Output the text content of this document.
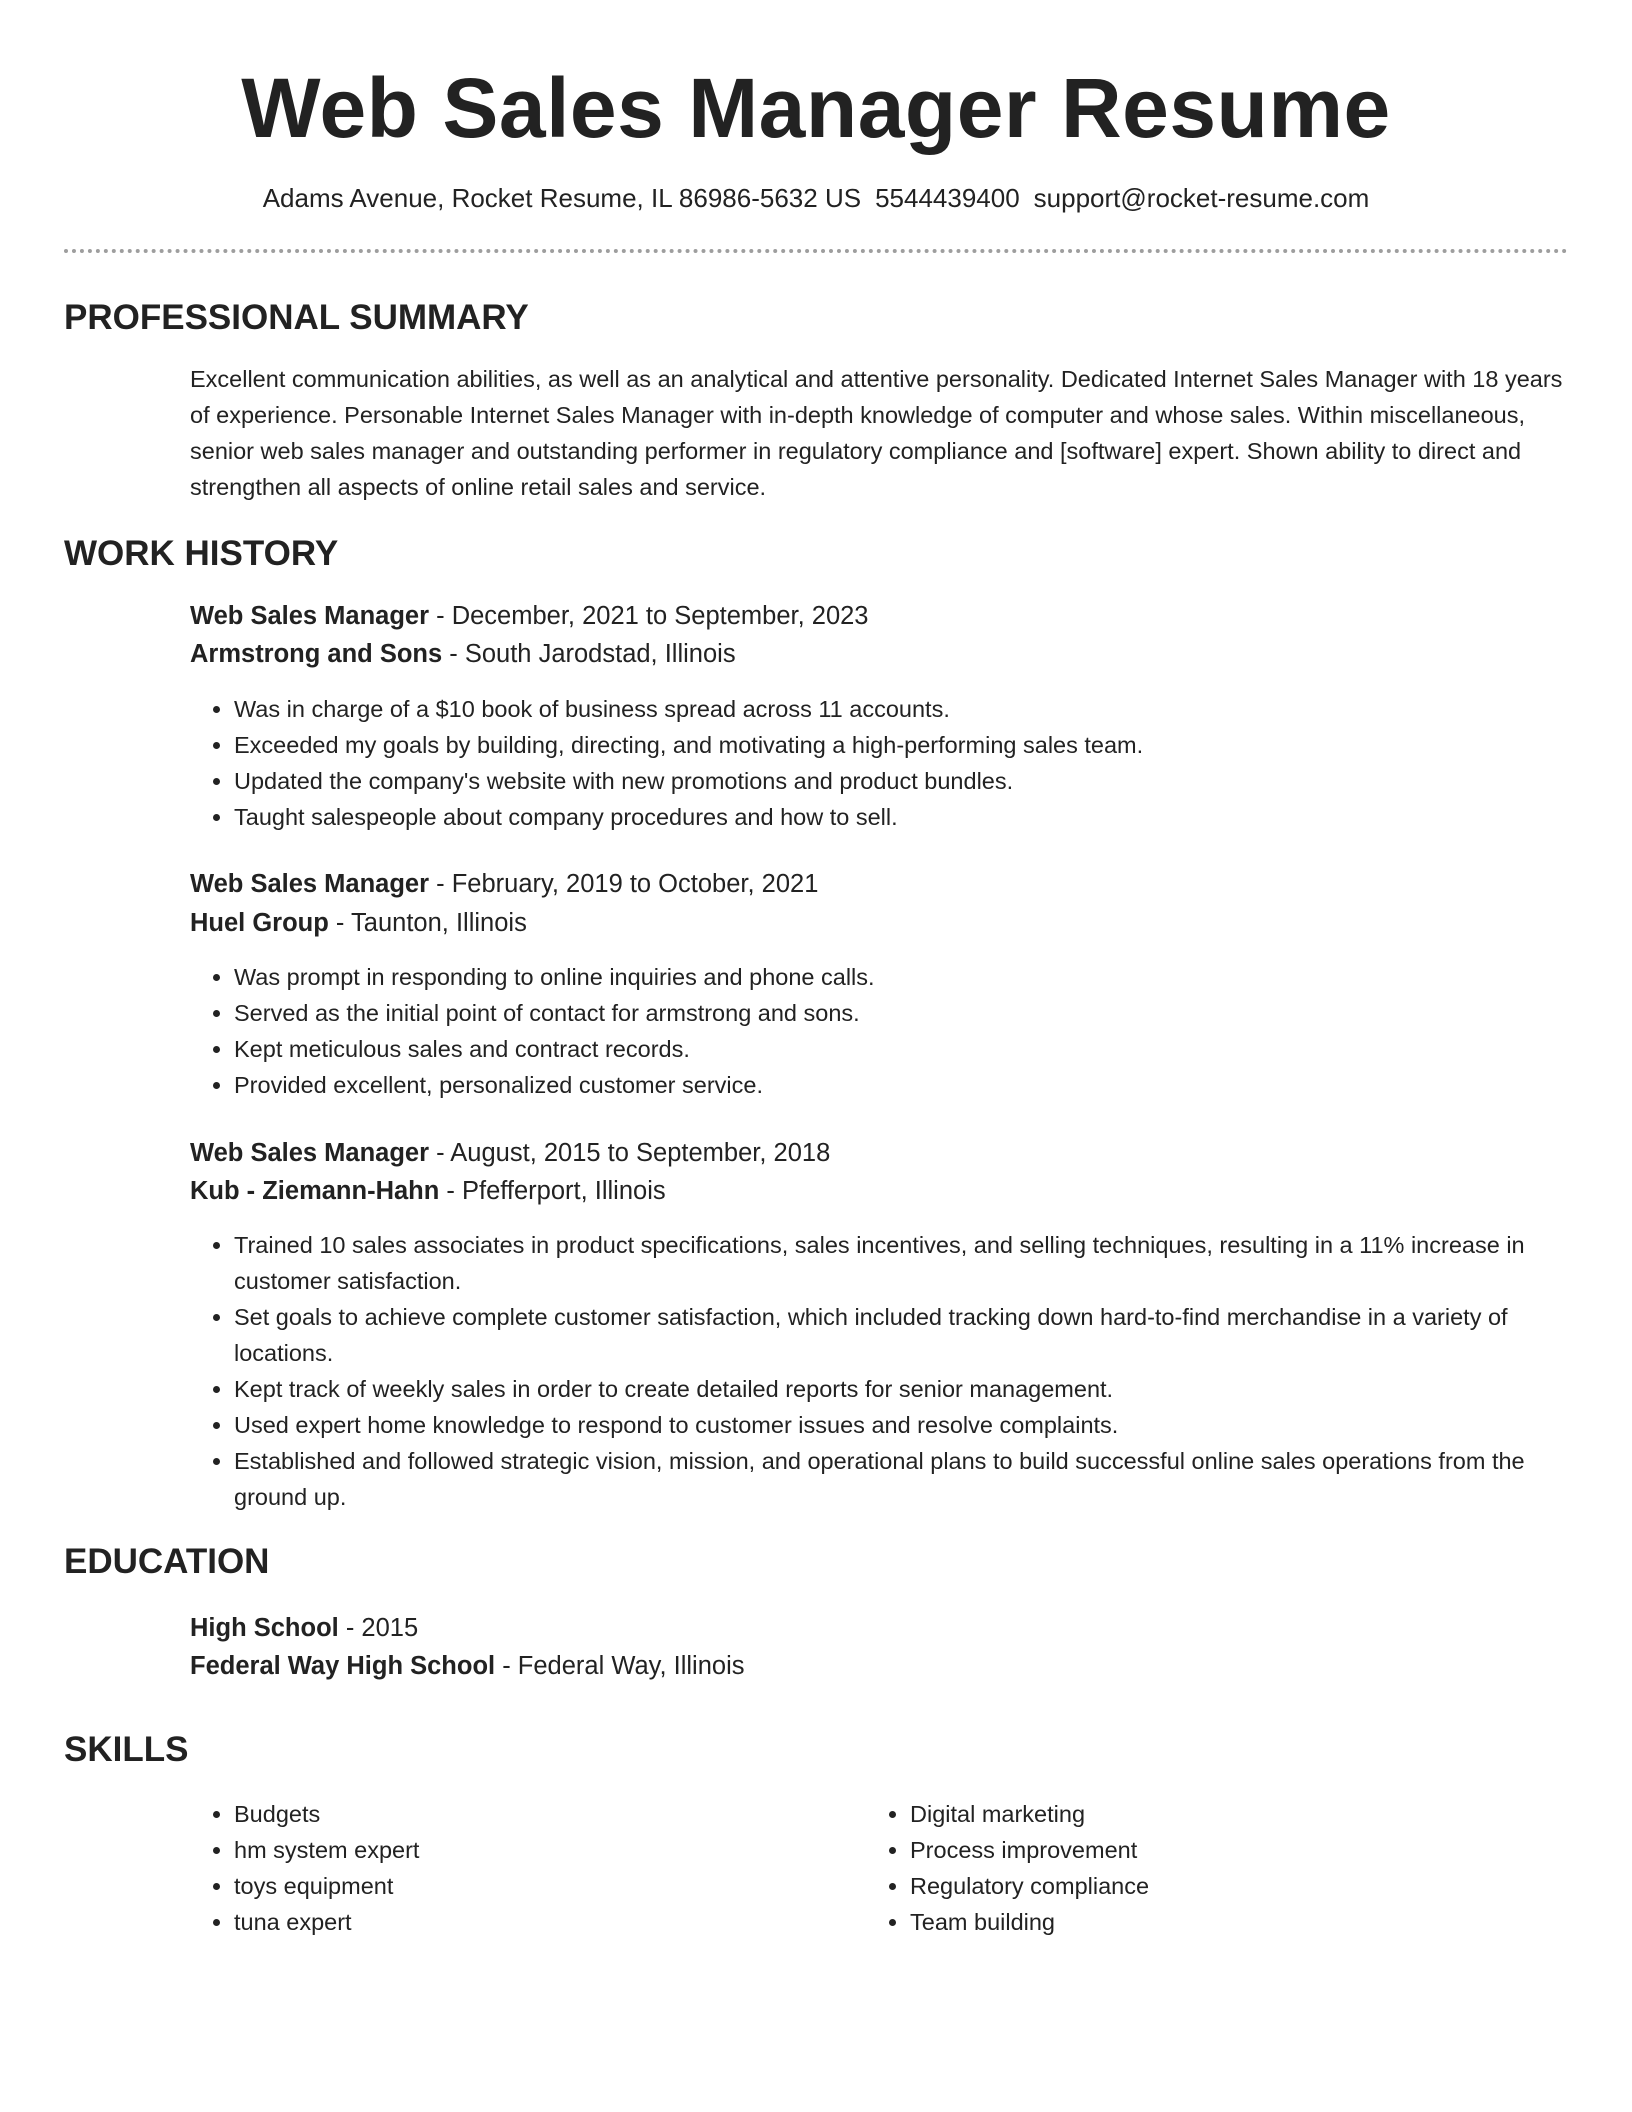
Web Sales Manager Resume
Adams Avenue, Rocket Resume, IL 86986-5632 US 5544439400 support@rocket-resume.com
PROFESSIONAL SUMMARY

Excellent communication abilities, as well as an analytical and attentive personality. Dedicated Internet Sales Manager with 18 years of experience. Personable Internet Sales Manager with in-depth knowledge of computer and whose sales. Within miscellaneous, senior web sales manager and outstanding performer in regulatory compliance and [software] expert. Shown ability to direct and strengthen all aspects of online retail sales and service.

WORK HISTORY
Web Sales Manager - December, 2021 to September, 2023
Armstrong and Sons - South Jarodstad, Illinois
• Was in charge of a $10 book of business spread across 11 accounts.
• Exceeded my goals by building, directing, and motivating a high-performing sales team.
• Updated the company's website with new promotions and product bundles.
• Taught salespeople about company procedures and how to sell.
Web Sales Manager - February, 2019 to October, 2021
Huel Group - Taunton, Illinois
• Was prompt in responding to online inquiries and phone calls.
• Served as the initial point of contact for armstrong and sons.
• Kept meticulous sales and contract records.
• Provided excellent, personalized customer service.
Web Sales Manager - August, 2015 to September, 2018
Kub - Ziemann-Hahn - Pfefferport, Illinois
• Trained 10 sales associates in product specifications, sales incentives, and selling techniques, resulting in a 11% increase in customer satisfaction.
• Set goals to achieve complete customer satisfaction, which included tracking down hard-to-find merchandise in a variety of locations.
• Kept track of weekly sales in order to create detailed reports for senior management.
• Used expert home knowledge to respond to customer issues and resolve complaints.
• Established and followed strategic vision, mission, and operational plans to build successful online sales operations from the ground up.
EDUCATION
High School - 2015
Federal Way High School - Federal Way, Illinois
SKILLS
• Budgets
• hm system expert
• toys equipment
• tuna expert
• Digital marketing
• Process improvement
• Regulatory compliance
• Team building
